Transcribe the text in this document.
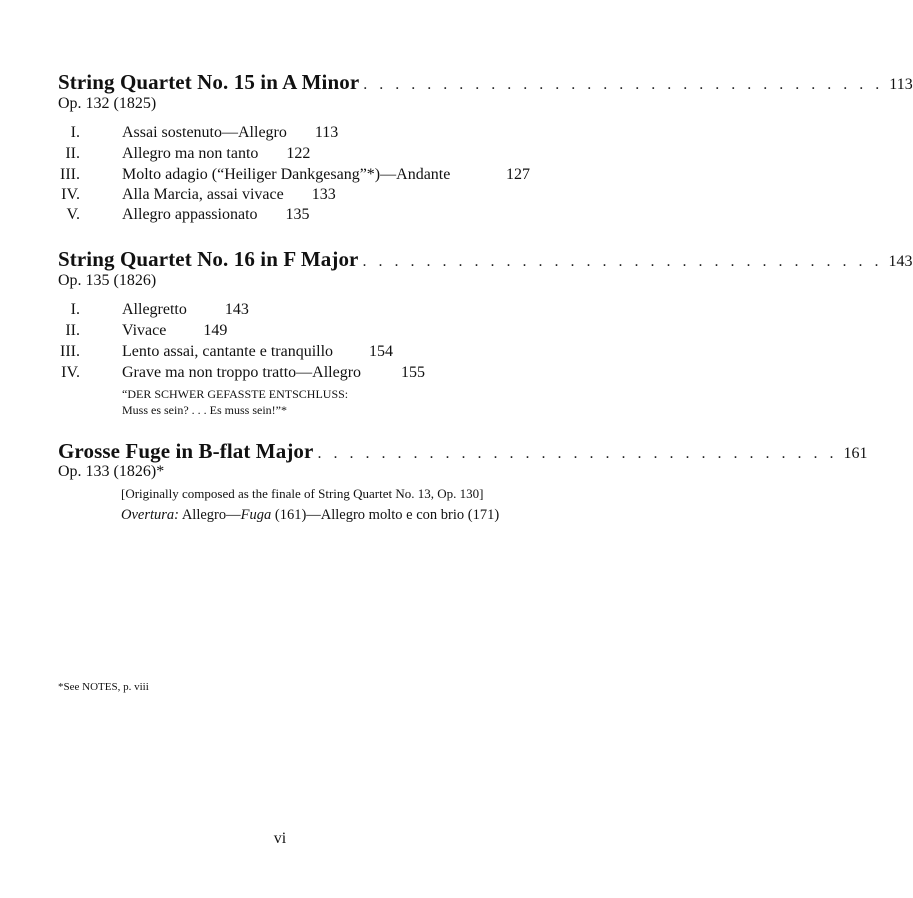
String Quartet No. 15 in A Minor . . . . . . . . . . . . . . . . . . . . . . . . . . . . . . . . . 113
Op. 132 (1825)
I.	Assai sostenuto—Allegro 113
II.	Allegro ma non tanto 122
III.	Molto adagio (“Heiliger Dankgesang”*)—Andante	127
IV.	Alla Marcia, assai vivace 133
V.	Allegro appassionato 135
String Quartet No. 16 in F Major . . . . . . . . . . . . . . . . . . . . . . . . . . . . . . . . . 143
Op. 135 (1826)
I.	Allegretto 143
II.	Vivace 149
III.	Lento assai, cantante e tranquillo 154
IV.	Grave ma non troppo tratto—Allegro	155
“DER SCHWER GEFASSTE ENTSCHLUSS:
Muss es sein? . . . Es muss sein!”*
Grosse Fuge in B-flat Major . . . . . . . . . . . . . . . . . . . . . . . . . . . . . . . . . 161
Op. 133 (1826)*
[Originally composed as the finale of String Quartet No. 13, Op. 130]
Overtura: Allegro—Fuga (161)—Allegro molto e con brio (171)
*See NOTES, p. viii
vi
